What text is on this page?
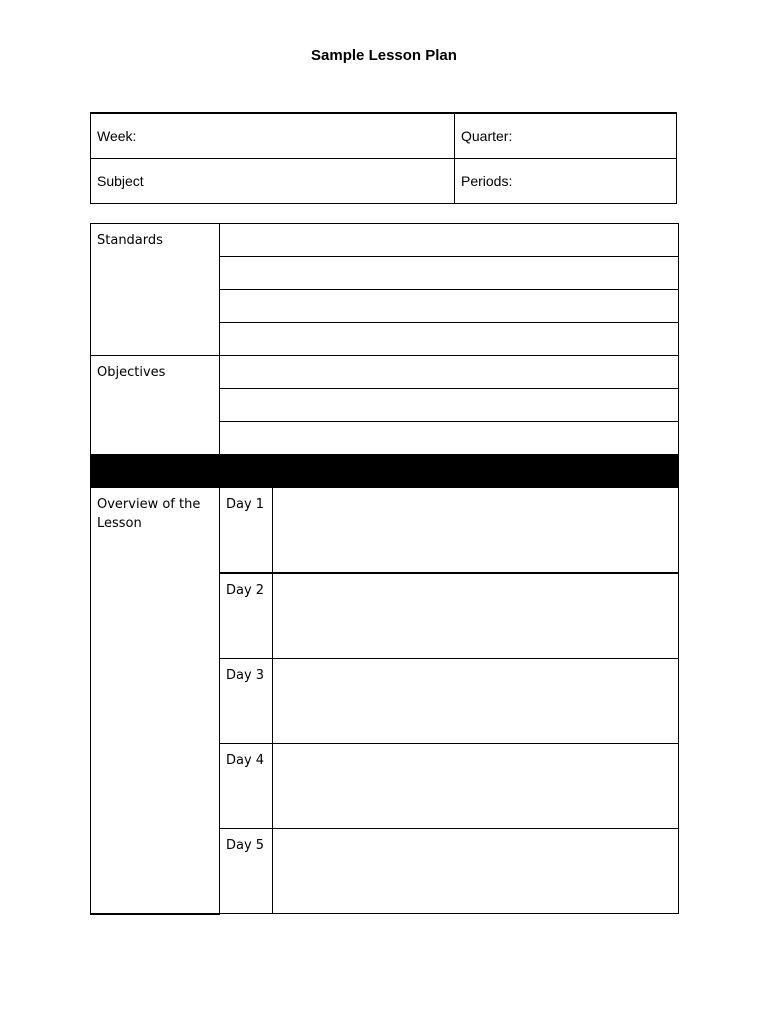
Sample Lesson Plan
Week:	Quarter:
Subject	Periods:
Standards		

Objectives		

Overview of the Lesson	Day 1	
	Day 2	
	Day 3	
	Day 4	
	Day 5	
